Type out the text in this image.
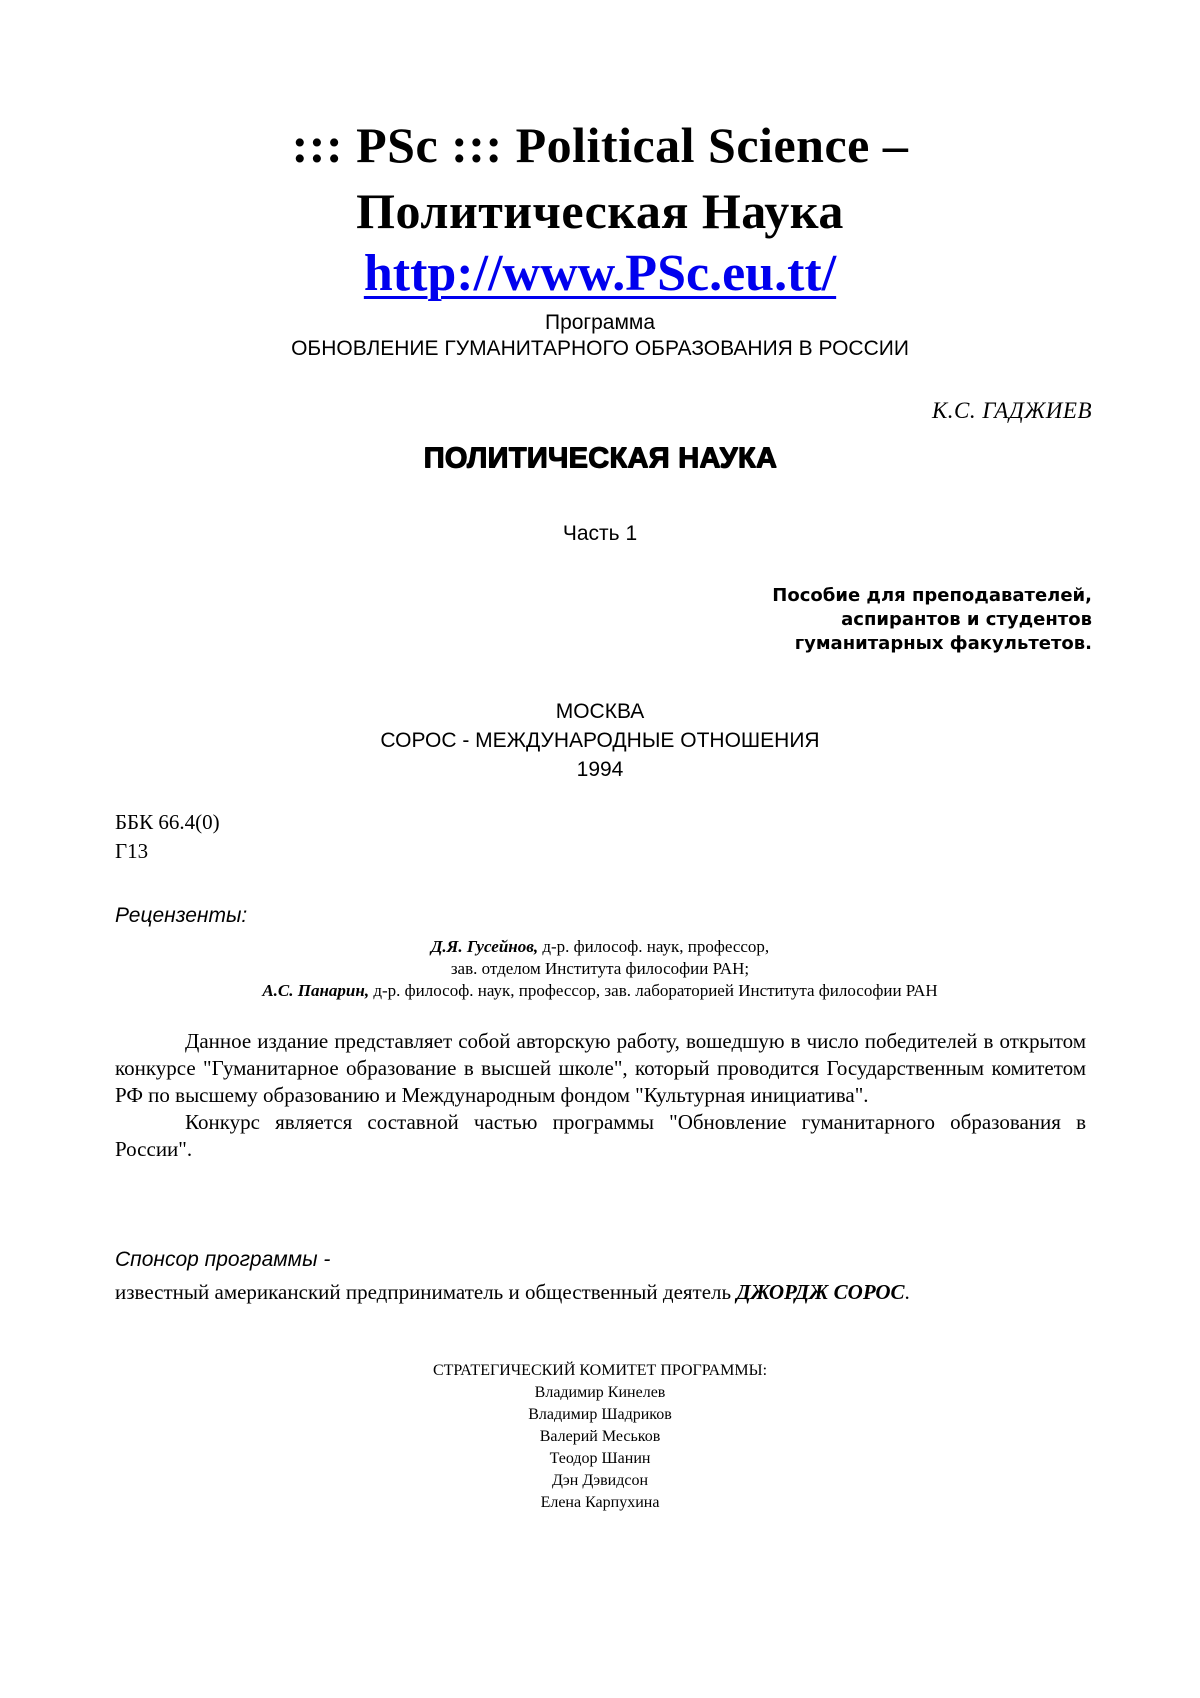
::: PSc ::: Political Science –
Политическая Наука
http://www.PSc.eu.tt/
Программа
ОБНОВЛЕНИЕ ГУМАНИТАРНОГО ОБРАЗОВАНИЯ В РОССИИ
К.С. ГАДЖИЕВ
ПОЛИТИЧЕСКАЯ НАУКА
Часть 1
Пособие для преподавателей,
аспирантов и студентов
гуманитарных факультетов.
МОСКВА
СОРОС - МЕЖДУНАРОДНЫЕ ОТНОШЕНИЯ
1994
ББК 66.4(0)
Г13
Рецензенты:
Д.Я. Гусейнов, д-р. философ. наук, профессор,
зав. отделом Института философии РАН;
А.С. Панарин, д-р. философ. наук, профессор, зав. лабораторией Института философии РАН

Данное издание представляет собой авторскую работу, вошедшую в число победителей в открытом конкурсе "Гуманитарное образование в высшей школе", который проводится Государственным комитетом РФ по высшему образованию и Международным фондом "Культурная инициатива".

Конкурс является составной частью программы "Обновление гуманитарного образования в России".

Спонсор программы -
известный американский предприниматель и общественный деятель ДЖОРДЖ СОРОС.
СТРАТЕГИЧЕСКИЙ КОМИТЕТ ПРОГРАММЫ:
Владимир Кинелев
Владимир Шадриков
Валерий Меськов
Теодор Шанин
Дэн Дэвидсон
Елена Карпухина
